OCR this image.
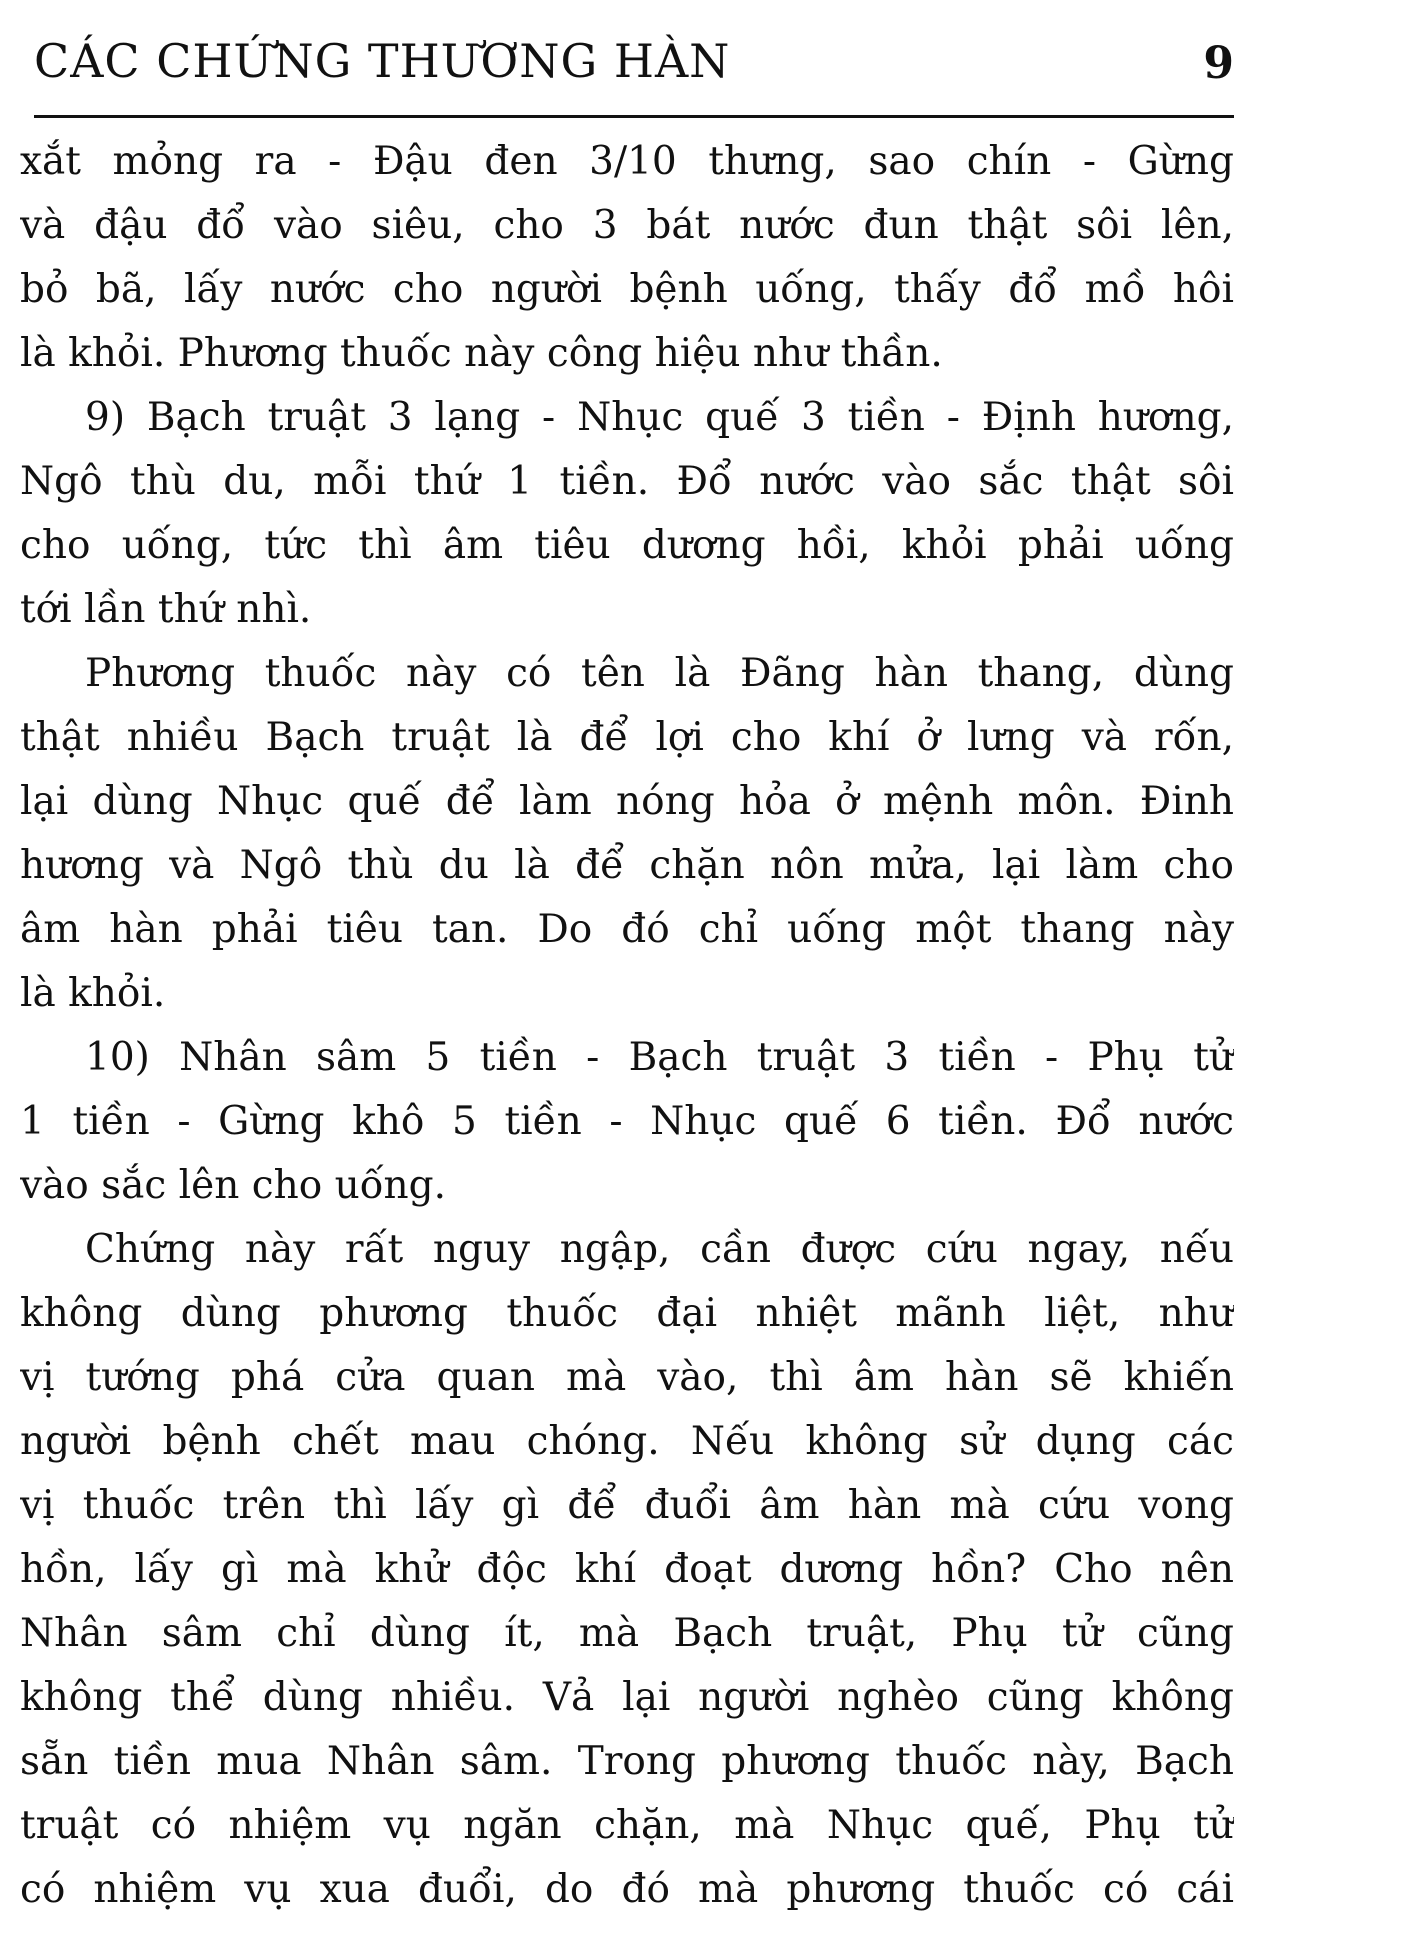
CÁC CHỨNG THƯƠNG HÀN	9
xắt mỏng ra - Đậu đen 3/10 thưng, sao chín - Gừng
và đậu đổ vào siêu, cho 3 bát nước đun thật sôi lên,
bỏ bã, lấy nước cho người bệnh uống, thấy đổ mồ hôi
là khỏi. Phương thuốc này công hiệu như thần.
9) Bạch truật 3 lạng - Nhục quế 3 tiền - Định hương,
Ngô thù du, mỗi thứ 1 tiền. Đổ nước vào sắc thật sôi
cho uống, tức thì âm tiêu dương hồi, khỏi phải uống
tới lần thứ nhì.
Phương thuốc này có tên là Đãng hàn thang, dùng
thật nhiều Bạch truật là để lợi cho khí ở lưng và rốn,
lại dùng Nhục quế để làm nóng hỏa ở mệnh môn. Đinh
hương và Ngô thù du là để chặn nôn mửa, lại làm cho
âm hàn phải tiêu tan. Do đó chỉ uống một thang này
là khỏi.
10) Nhân sâm 5 tiền - Bạch truật 3 tiền - Phụ tử
1 tiền - Gừng khô 5 tiền - Nhục quế 6 tiền. Đổ nước
vào sắc lên cho uống.
Chứng này rất nguy ngập, cần được cứu ngay, nếu
không dùng phương thuốc đại nhiệt mãnh liệt, như
vị tướng phá cửa quan mà vào, thì âm hàn sẽ khiến
người bệnh chết mau chóng. Nếu không sử dụng các
vị thuốc trên thì lấy gì để đuổi âm hàn mà cứu vong
hồn, lấy gì mà khử độc khí đoạt dương hồn? Cho nên
Nhân sâm chỉ dùng ít, mà Bạch truật, Phụ tử cũng
không thể dùng nhiều. Vả lại người nghèo cũng không
sẵn tiền mua Nhân sâm. Trong phương thuốc này, Bạch
truật có nhiệm vụ ngăn chặn, mà Nhục quế, Phụ tử
có nhiệm vụ xua đuổi, do đó mà phương thuốc có cái
